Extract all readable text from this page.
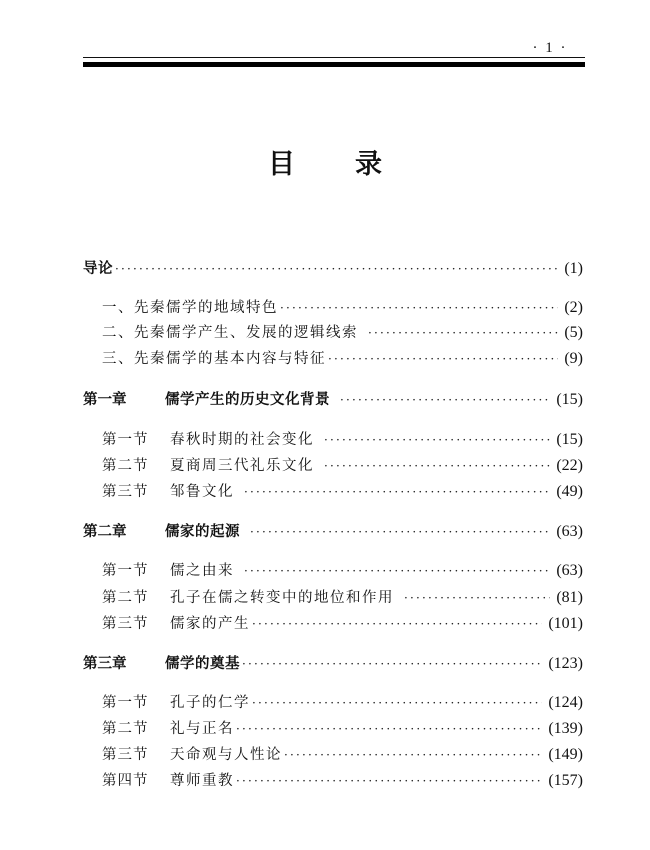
· 1 ·
目 录
导论 ·····	(1)
一、先秦儒学的地域特色 ·····	(2)
二、先秦儒学产生、发展的逻辑线索 ·····	(5)
三、先秦儒学的基本内容与特征 ·····	(9)
第一章	儒学产生的历史文化背景 ·····	(15)
第一节	春秋时期的社会变化 ·····	(15)
第二节	夏商周三代礼乐文化 ·····	(22)
第三节	邹鲁文化 ·····	(49)
第二章	儒家的起源 ·····	(63)
第一节	儒之由来 ·····	(63)
第二节	孔子在儒之转变中的地位和作用 ·····	(81)
第三节	儒家的产生 ·····	(101)
第三章	儒学的奠基 ·····	(123)
第一节	孔子的仁学 ·····	(124)
第二节	礼与正名 ·····	(139)
第三节	天命观与人性论 ·····	(149)
第四节	尊师重教 ·····	(157)
